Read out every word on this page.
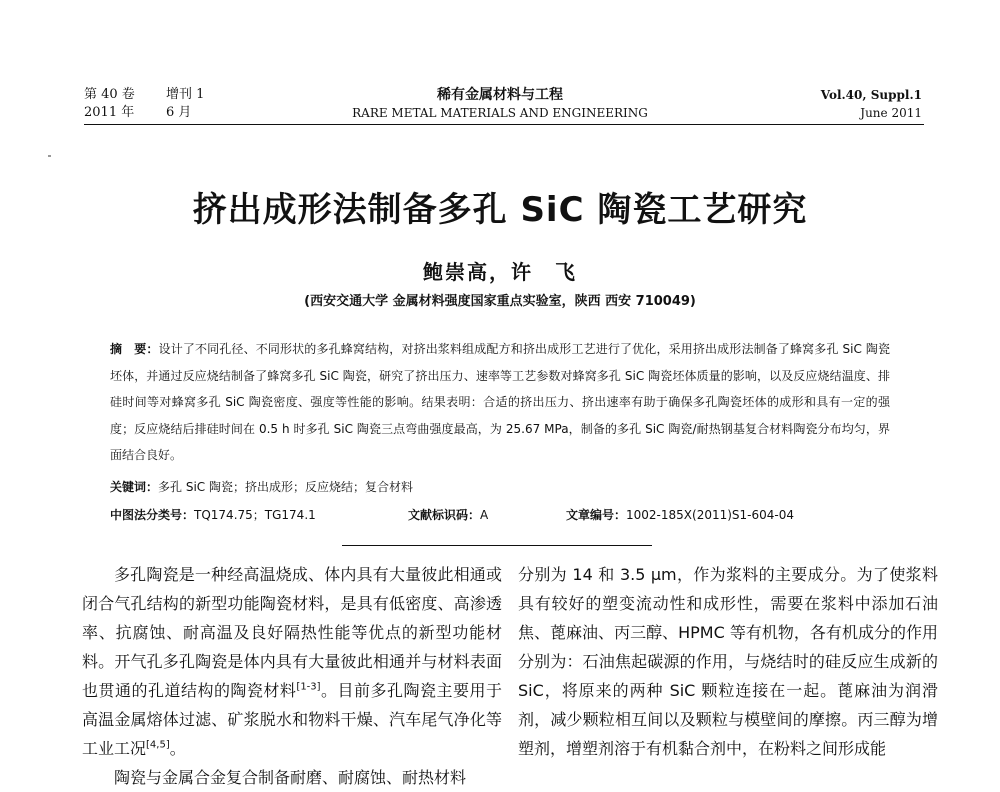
第 40 卷 增刊 1
2011 年 6 月
稀有金属材料与工程
RARE METAL MATERIALS AND ENGINEERING
Vol.40, Suppl.1
June 2011
挤出成形法制备多孔 SiC 陶瓷工艺研究
鲍崇高，许　飞
(西安交通大学 金属材料强度国家重点实验室，陕西 西安 710049)
摘　要：设计了不同孔径、不同形状的多孔蜂窝结构，对挤出浆料组成配方和挤出成形工艺进行了优化，采用挤出成形法制备了蜂窝多孔 SiC 陶瓷坯体，并通过反应烧结制备了蜂窝多孔 SiC 陶瓷，研究了挤出压力、速率等工艺参数对蜂窝多孔 SiC 陶瓷坯体质量的影响，以及反应烧结温度、排硅时间等对蜂窝多孔 SiC 陶瓷密度、强度等性能的影响。结果表明：合适的挤出压力、挤出速率有助于确保多孔陶瓷坯体的成形和具有一定的强度；反应烧结后排硅时间在 0.5 h 时多孔 SiC 陶瓷三点弯曲强度最高，为 25.67 MPa，制备的多孔 SiC 陶瓷/耐热钢基复合材料陶瓷分布均匀，界面结合良好。
关键词：多孔 SiC 陶瓷；挤出成形；反应烧结；复合材料
中图法分类号：TQ174.75；TG174.1	文献标识码：A	文章编号：1002-185X(2011)S1-604-04

多孔陶瓷是一种经高温烧成、体内具有大量彼此相通或闭合气孔结构的新型功能陶瓷材料，是具有低密度、高渗透率、抗腐蚀、耐高温及良好隔热性能等优点的新型功能材料。开气孔多孔陶瓷是体内具有大量彼此相通并与材料表面也贯通的孔道结构的陶瓷材料[1-3]。目前多孔陶瓷主要用于高温金属熔体过滤、矿浆脱水和物料干燥、汽车尾气净化等工业工况[4,5]。

陶瓷与金属合金复合制备耐磨、耐腐蚀、耐热材料

分别为 14 和 3.5 μm，作为浆料的主要成分。为了使浆料具有较好的塑变流动性和成形性，需要在浆料中添加石油焦、蓖麻油、丙三醇、HPMC 等有机物，各有机成分的作用分别为：石油焦起碳源的作用，与烧结时的硅反应生成新的 SiC，将原来的两种 SiC 颗粒连接在一起。蓖麻油为润滑剂，减少颗粒相互间以及颗粒与模壁间的摩擦。丙三醇为增塑剂，增塑剂溶于有机黏合剂中，在粉料之间形成能
